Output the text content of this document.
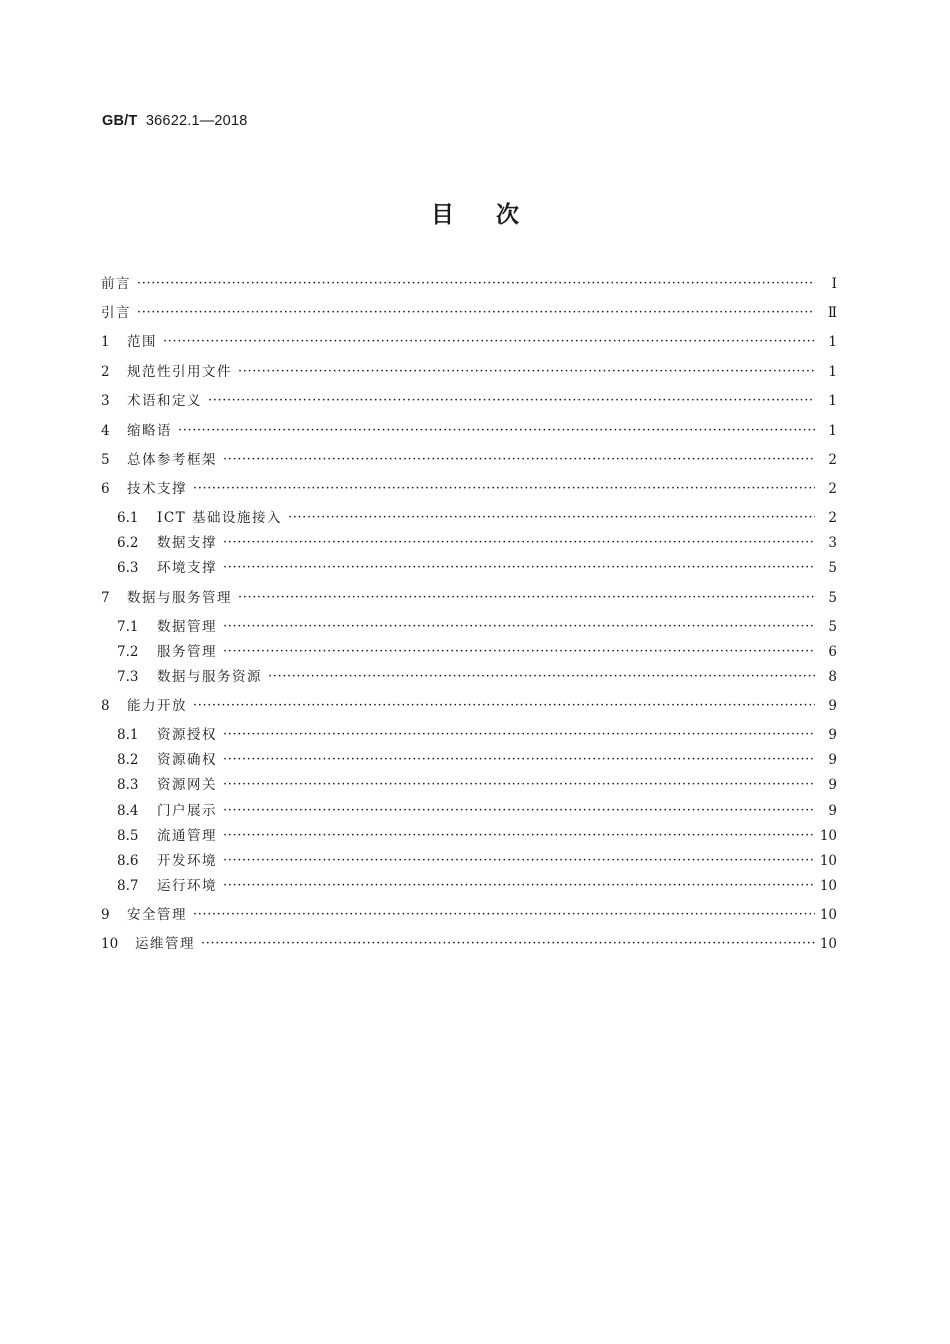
GB/T 36622.1—2018
目次
前言 ·····	Ⅰ
引言 ·····	Ⅱ
1	范围 ·····	1
2	规范性引用文件 ·····	1
3	术语和定义 ·····	1
4	缩略语 ·····	1
5	总体参考框架 ·····	2
6	技术支撑 ·····	2
6.1	ICT 基础设施接入 ·····	2
6.2	数据支撑 ·····	3
6.3	环境支撑 ·····	5
7	数据与服务管理 ·····	5
7.1	数据管理 ·····	5
7.2	服务管理 ·····	6
7.3	数据与服务资源 ·····	8
8	能力开放 ·····	9
8.1	资源授权 ·····	9
8.2	资源确权 ·····	9
8.3	资源网关 ·····	9
8.4	门户展示 ·····	9
8.5	流通管理 ·····	10
8.6	开发环境 ·····	10
8.7	运行环境 ·····	10
9	安全管理 ·····	10
10	运维管理 ·····	10
